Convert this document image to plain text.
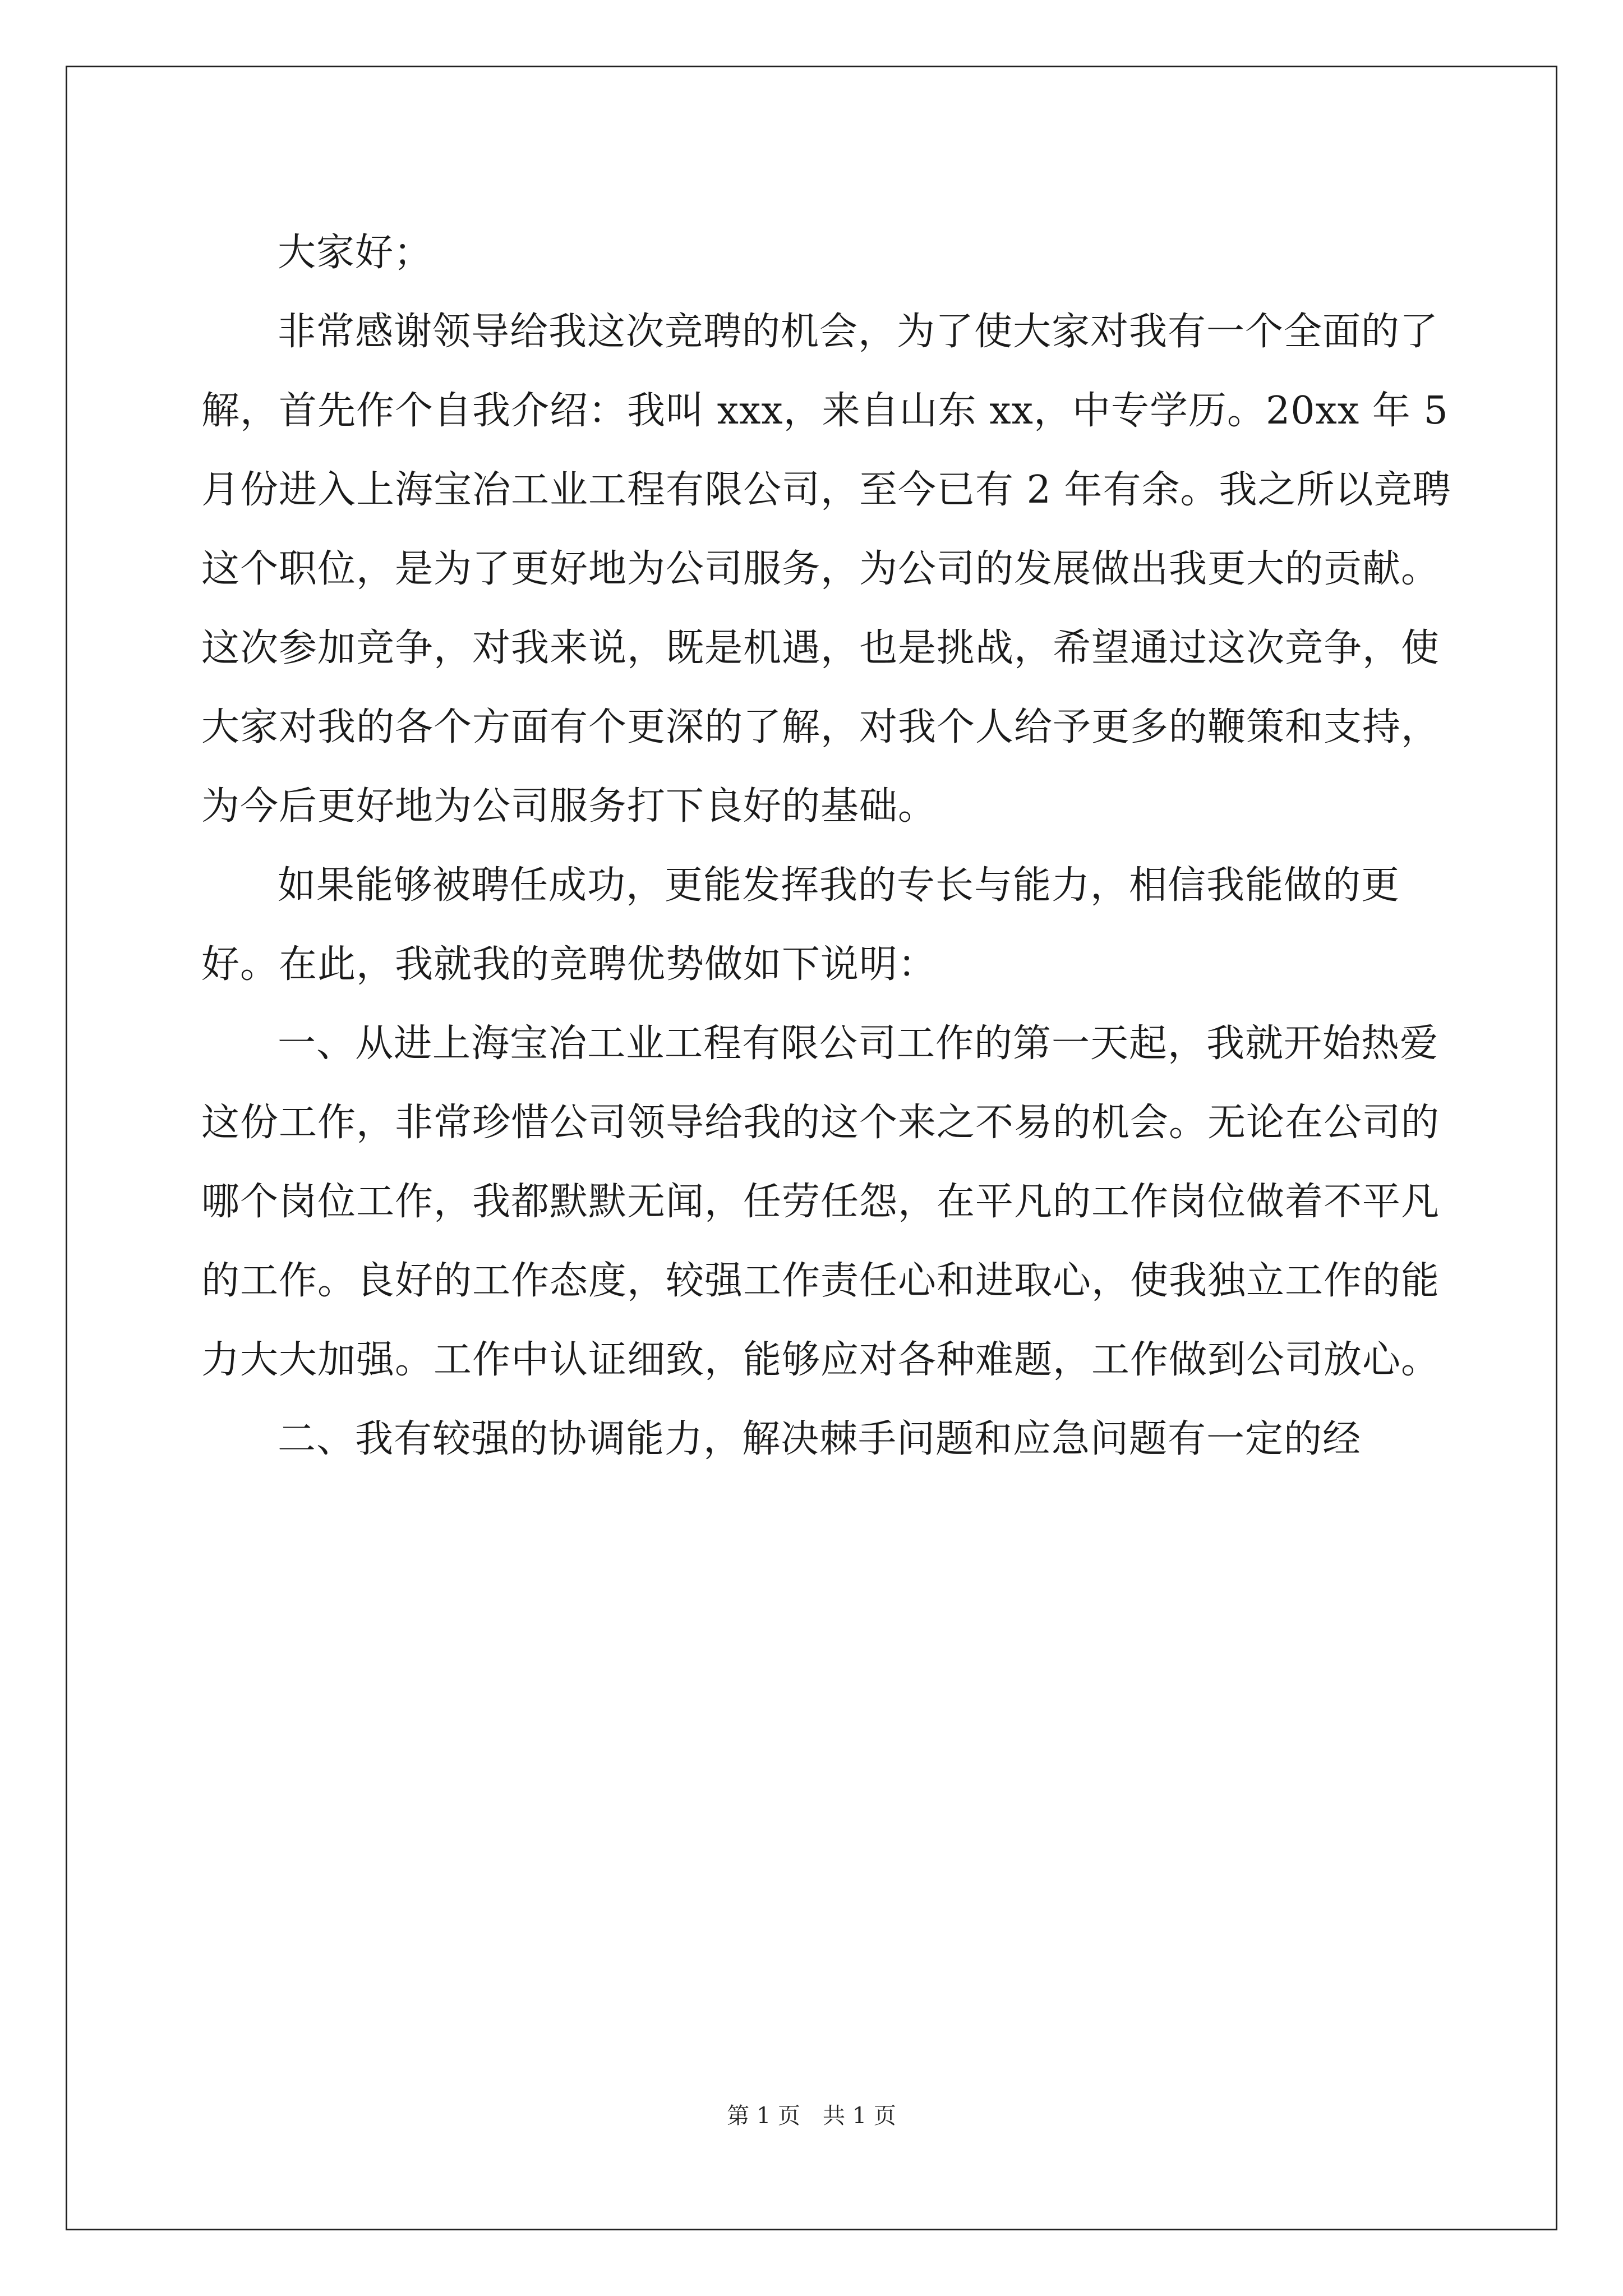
大家好；

非常感谢领导给我这次竞聘的机会，为了使大家对我有一个全面的了解，首先作个自我介绍：我叫 xxx，来自山东 xx，中专学历。20xx 年 5 月份进入上海宝冶工业工程有限公司，至今已有 2 年有余。我之所以竞聘这个职位，是为了更好地为公司服务，为公司的发展做出我更大的贡献。这次参加竞争，对我来说，既是机遇，也是挑战，希望通过这次竞争，使大家对我的各个方面有个更深的了解，对我个人给予更多的鞭策和支持，为今后更好地为公司服务打下良好的基础。

如果能够被聘任成功，更能发挥我的专长与能力，相信我能做的更好。在此，我就我的竞聘优势做如下说明：

一、从进上海宝冶工业工程有限公司工作的第一天起，我就开始热爱这份工作，非常珍惜公司领导给我的这个来之不易的机会。无论在公司的哪个岗位工作，我都默默无闻，任劳任怨，在平凡的工作岗位做着不平凡的工作。良好的工作态度，较强工作责任心和进取心，使我独立工作的能力大大加强。工作中认证细致，能够应对各种难题，工作做到公司放心。

二、我有较强的协调能力，解决棘手问题和应急问题有一定的经

第 1 页　共 1 页
